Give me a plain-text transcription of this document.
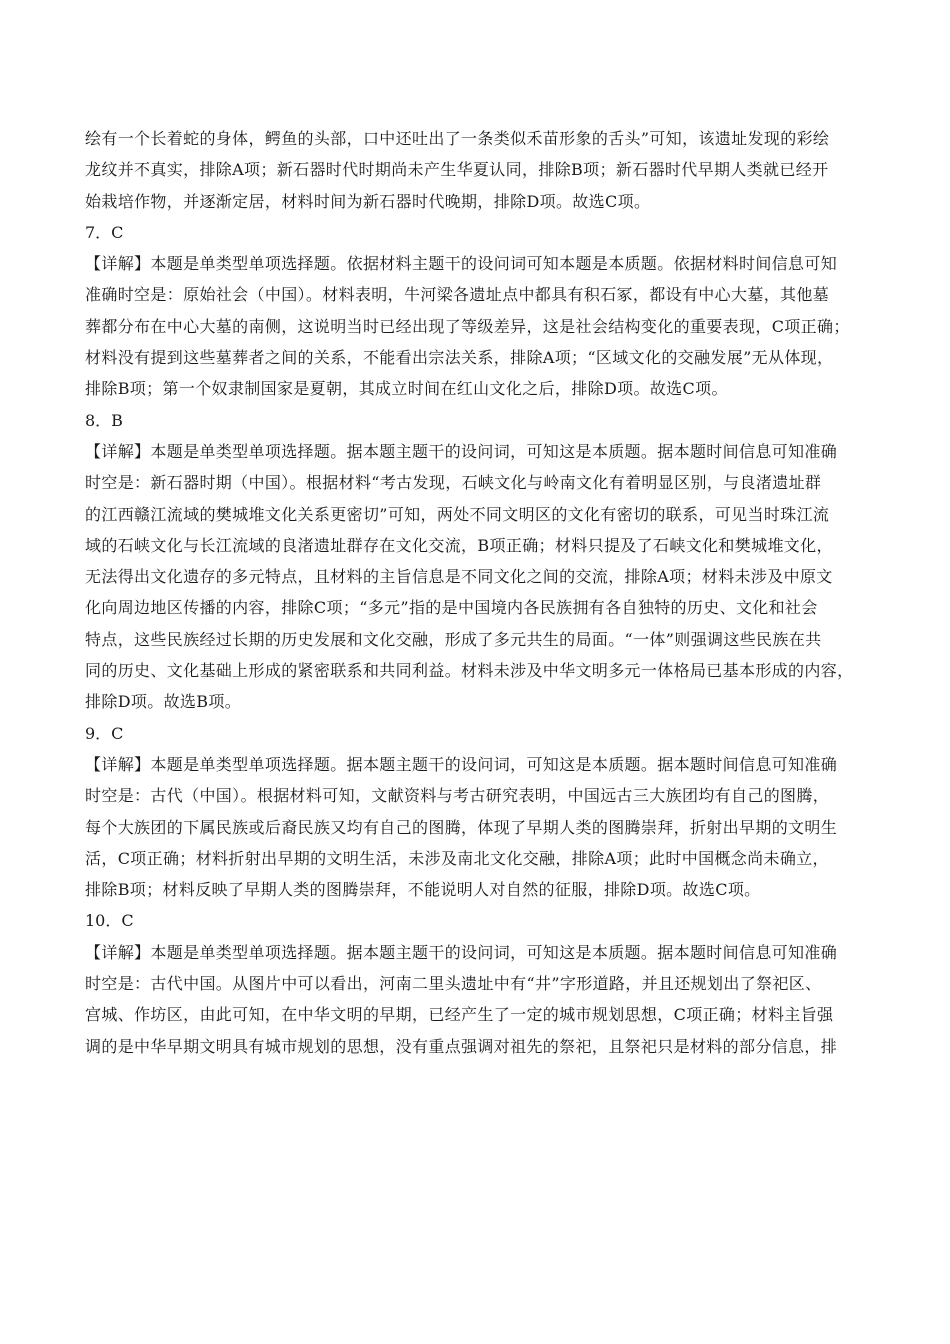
绘有一个长着蛇的身体，鳄鱼的头部，口中还吐出了一条类似禾苗形象的舌头”可知，该遗址发现的彩绘
龙纹并不真实，排除A项；新石器时代时期尚未产生华夏认同，排除B项；新石器时代早期人类就已经开
始栽培作物，并逐渐定居，材料时间为新石器时代晚期，排除D项。故选C项。
7．C
【详解】本题是单类型单项选择题。依据材料主题干的设问词可知本题是本质题。依据材料时间信息可知
准确时空是：原始社会（中国）。材料表明，牛河梁各遗址点中都具有积石冢，都设有中心大墓，其他墓
葬都分布在中心大墓的南侧，这说明当时已经出现了等级差异，这是社会结构变化的重要表现，C项正确；
材料没有提到这些墓葬者之间的关系，不能看出宗法关系，排除A项；“区域文化的交融发展”无从体现，
排除B项；第一个奴隶制国家是夏朝，其成立时间在红山文化之后，排除D项。故选C项。
8．B
【详解】本题是单类型单项选择题。据本题主题干的设问词，可知这是本质题。据本题时间信息可知准确
时空是：新石器时期（中国）。根据材料“考古发现，石峡文化与岭南文化有着明显区别，与良渚遗址群
的江西赣江流域的樊城堆文化关系更密切”可知，两处不同文明区的文化有密切的联系，可见当时珠江流
域的石峡文化与长江流域的良渚遗址群存在文化交流，B项正确；材料只提及了石峡文化和樊城堆文化，
无法得出文化遗存的多元特点，且材料的主旨信息是不同文化之间的交流，排除A项；材料未涉及中原文
化向周边地区传播的内容，排除C项；“多元”指的是中国境内各民族拥有各自独特的历史、文化和社会
特点，这些民族经过长期的历史发展和文化交融，形成了多元共生的局面。“一体”则强调这些民族在共
同的历史、文化基础上形成的紧密联系和共同利益。材料未涉及中华文明多元一体格局已基本形成的内容，
排除D项。故选B项。
9．C
【详解】本题是单类型单项选择题。据本题主题干的设问词，可知这是本质题。据本题时间信息可知准确
时空是：古代（中国）。根据材料可知，文献资料与考古研究表明，中国远古三大族团均有自己的图腾，
每个大族团的下属民族或后裔民族又均有自己的图腾，体现了早期人类的图腾崇拜，折射出早期的文明生
活，C项正确；材料折射出早期的文明生活，未涉及南北文化交融，排除A项；此时中国概念尚未确立，
排除B项；材料反映了早期人类的图腾崇拜，不能说明人对自然的征服，排除D项。故选C项。
10．C
【详解】本题是单类型单项选择题。据本题主题干的设问词，可知这是本质题。据本题时间信息可知准确
时空是：古代中国。从图片中可以看出，河南二里头遗址中有“井”字形道路，并且还规划出了祭祀区、
宫城、作坊区，由此可知，在中华文明的早期，已经产生了一定的城市规划思想，C项正确；材料主旨强
调的是中华早期文明具有城市规划的思想，没有重点强调对祖先的祭祀，且祭祀只是材料的部分信息，排
